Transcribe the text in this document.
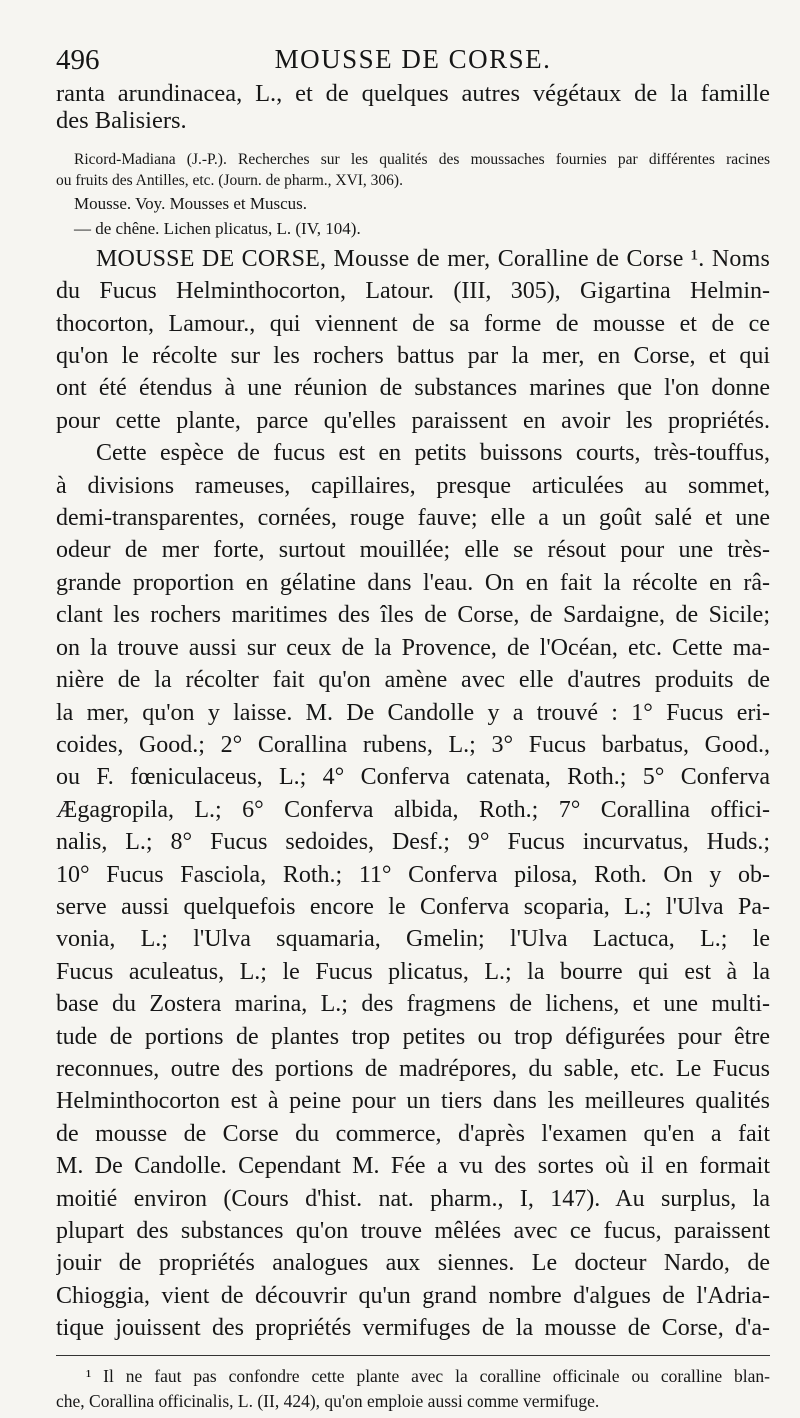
496	MOUSSE DE CORSE.
ranta arundinacea, L., et de quelques autres végétaux de la famille
des Balisiers.
Ricord-Madiana (J.-P.). Recherches sur les qualités des moussaches fournies par différentes racines
ou fruits des Antilles, etc. (Journ. de pharm., XVI, 306).
Mousse. Voy. Mousses et Muscus.
— de chêne. Lichen plicatus, L. (IV, 104).
MOUSSE DE CORSE, Mousse de mer, Coralline de Corse ¹. Noms
du Fucus Helminthocorton, Latour. (III, 305), Gigartina Helmin-
thocorton, Lamour., qui viennent de sa forme de mousse et de ce
qu'on le récolte sur les rochers battus par la mer, en Corse, et qui
ont été étendus à une réunion de substances marines que l'on donne
pour cette plante, parce qu'elles paraissent en avoir les propriétés.
Cette espèce de fucus est en petits buissons courts, très-touffus,
à divisions rameuses, capillaires, presque articulées au sommet,
demi-transparentes, cornées, rouge fauve; elle a un goût salé et une
odeur de mer forte, surtout mouillée; elle se résout pour une très-
grande proportion en gélatine dans l'eau. On en fait la récolte en râ-
clant les rochers maritimes des îles de Corse, de Sardaigne, de Sicile;
on la trouve aussi sur ceux de la Provence, de l'Océan, etc. Cette ma-
nière de la récolter fait qu'on amène avec elle d'autres produits de
la mer, qu'on y laisse. M. De Candolle y a trouvé : 1° Fucus eri-
coides, Good.; 2° Corallina rubens, L.; 3° Fucus barbatus, Good.,
ou F. fœniculaceus, L.; 4° Conferva catenata, Roth.; 5° Conferva
Ægagropila, L.; 6° Conferva albida, Roth.; 7° Corallina offici-
nalis, L.; 8° Fucus sedoides, Desf.; 9° Fucus incurvatus, Huds.;
10° Fucus Fasciola, Roth.; 11° Conferva pilosa, Roth. On y ob-
serve aussi quelquefois encore le Conferva scoparia, L.; l'Ulva Pa-
vonia, L.; l'Ulva squamaria, Gmelin; l'Ulva Lactuca, L.; le
Fucus aculeatus, L.; le Fucus plicatus, L.; la bourre qui est à la
base du Zostera marina, L.; des fragmens de lichens, et une multi-
tude de portions de plantes trop petites ou trop défigurées pour être
reconnues, outre des portions de madrépores, du sable, etc. Le Fucus
Helminthocorton est à peine pour un tiers dans les meilleures qualités
de mousse de Corse du commerce, d'après l'examen qu'en a fait
M. De Candolle. Cependant M. Fée a vu des sortes où il en formait
moitié environ (Cours d'hist. nat. pharm., I, 147). Au surplus, la
plupart des substances qu'on trouve mêlées avec ce fucus, paraissent
jouir de propriétés analogues aux siennes. Le docteur Nardo, de
Chioggia, vient de découvrir qu'un grand nombre d'algues de l'Adria-
tique jouissent des propriétés vermifuges de la mousse de Corse, d'a-
¹ Il ne faut pas confondre cette plante avec la coralline officinale ou coralline blan-
che, Corallina officinalis, L. (II, 424), qu'on emploie aussi comme vermifuge.
